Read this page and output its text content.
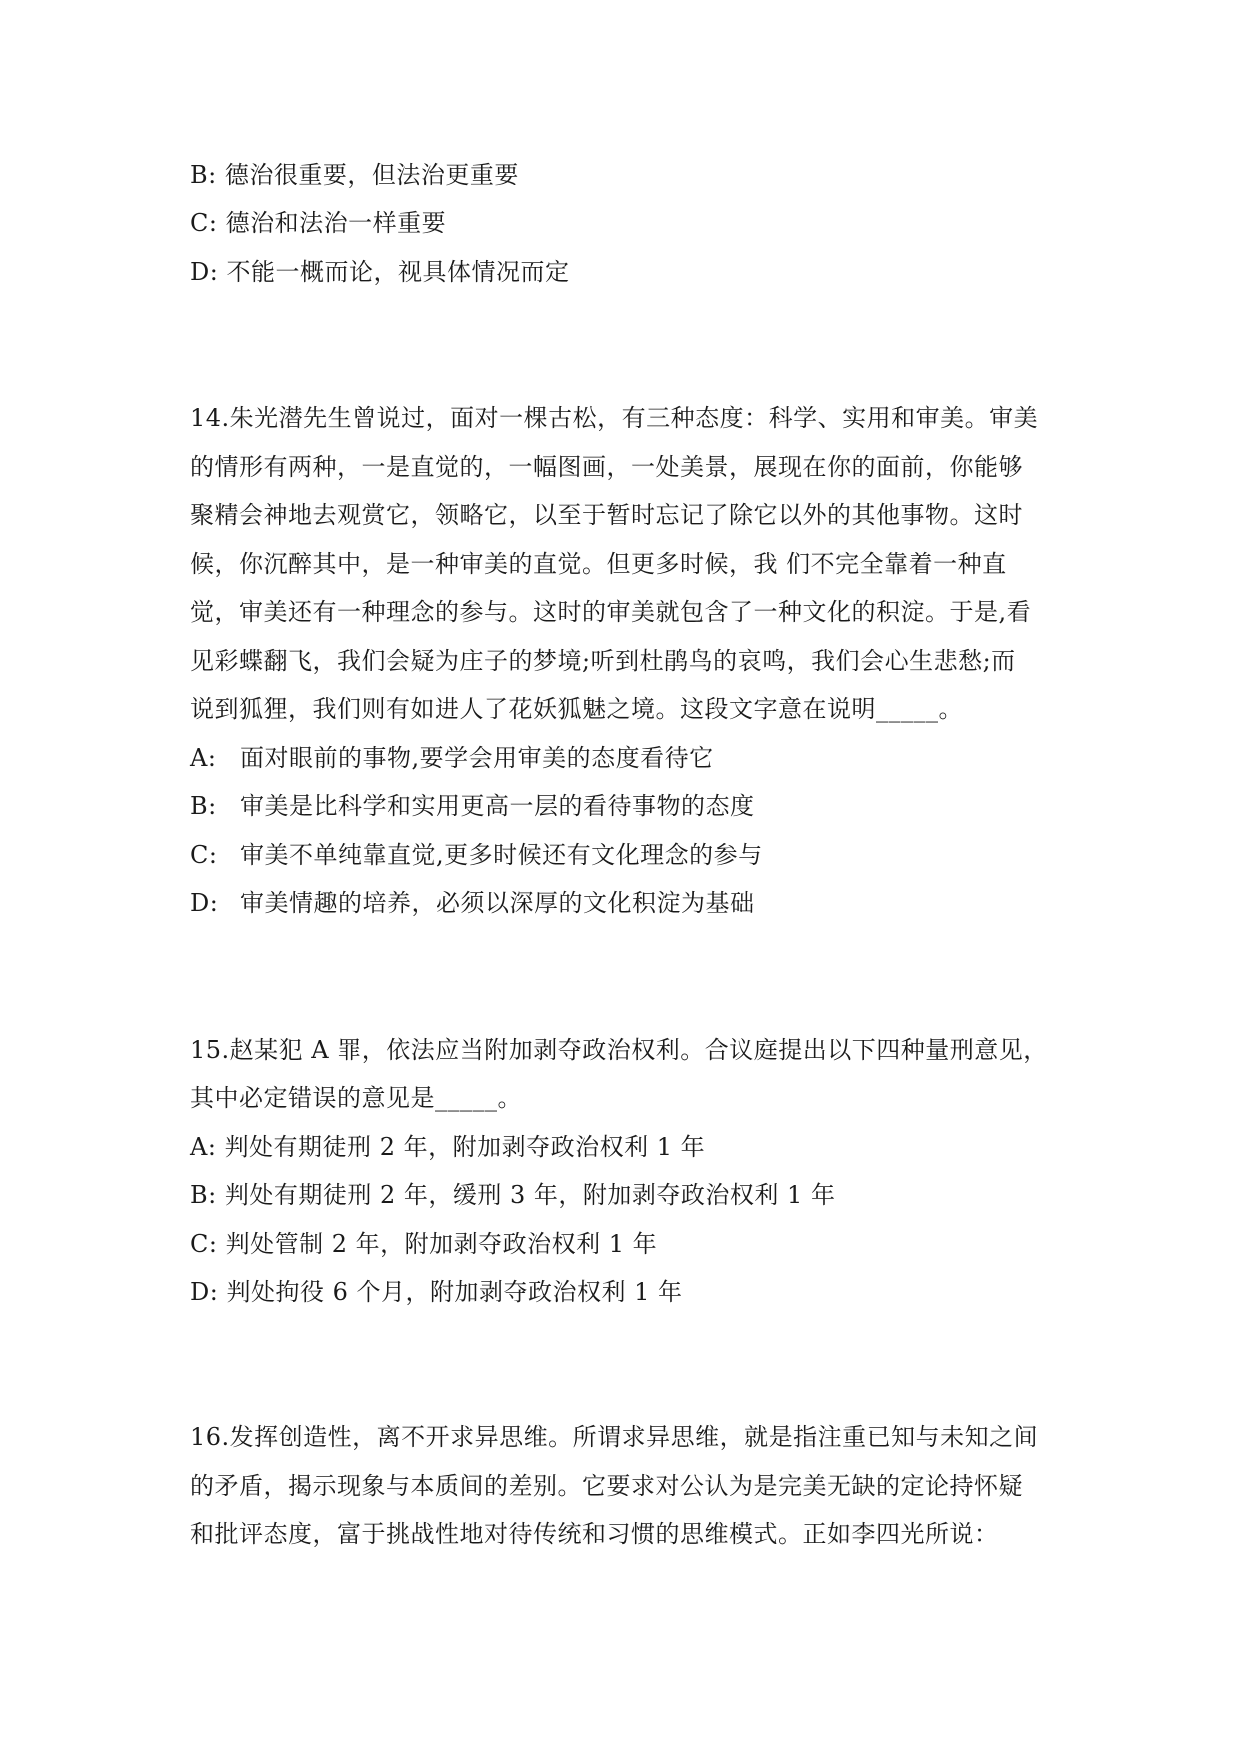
B: 德治很重要，但法治更重要
C: 德治和法治一样重要
D: 不能一概而论，视具体情况而定
14.朱光潜先生曾说过，面对一棵古松，有三种态度：科学、实用和审美。审美
的情形有两种，一是直觉的，一幅图画，一处美景，展现在你的面前，你能够
聚精会神地去观赏它，领略它，以至于暂时忘记了除它以外的其他事物。这时
候，你沉醉其中，是一种审美的直觉。但更多时候，我 们不完全靠着一种直
觉，审美还有一种理念的参与。这时的审美就包含了一种文化的积淀。于是,看
见彩蝶翻飞，我们会疑为庄子的梦境;听到杜鹃鸟的哀鸣，我们会心生悲愁;而
说到狐狸，我们则有如进人了花妖狐魅之境。这段文字意在说明_____。
A: 面对眼前的事物,要学会用审美的态度看待它
B: 审美是比科学和实用更高一层的看待事物的态度
C: 审美不单纯靠直觉,更多时候还有文化理念的参与
D: 审美情趣的培养，必须以深厚的文化积淀为基础
15.赵某犯 A 罪，依法应当附加剥夺政治权利。合议庭提出以下四种量刑意见，
其中必定错误的意见是_____。
A: 判处有期徒刑 2 年，附加剥夺政治权利 1 年
B: 判处有期徒刑 2 年，缓刑 3 年，附加剥夺政治权利 1 年
C: 判处管制 2 年，附加剥夺政治权利 1 年
D: 判处拘役 6 个月，附加剥夺政治权利 1 年
16.发挥创造性，离不开求异思维。所谓求异思维，就是指注重已知与未知之间
的矛盾，揭示现象与本质间的差别。它要求对公认为是完美无缺的定论持怀疑
和批评态度，富于挑战性地对待传统和习惯的思维模式。正如李四光所说：
